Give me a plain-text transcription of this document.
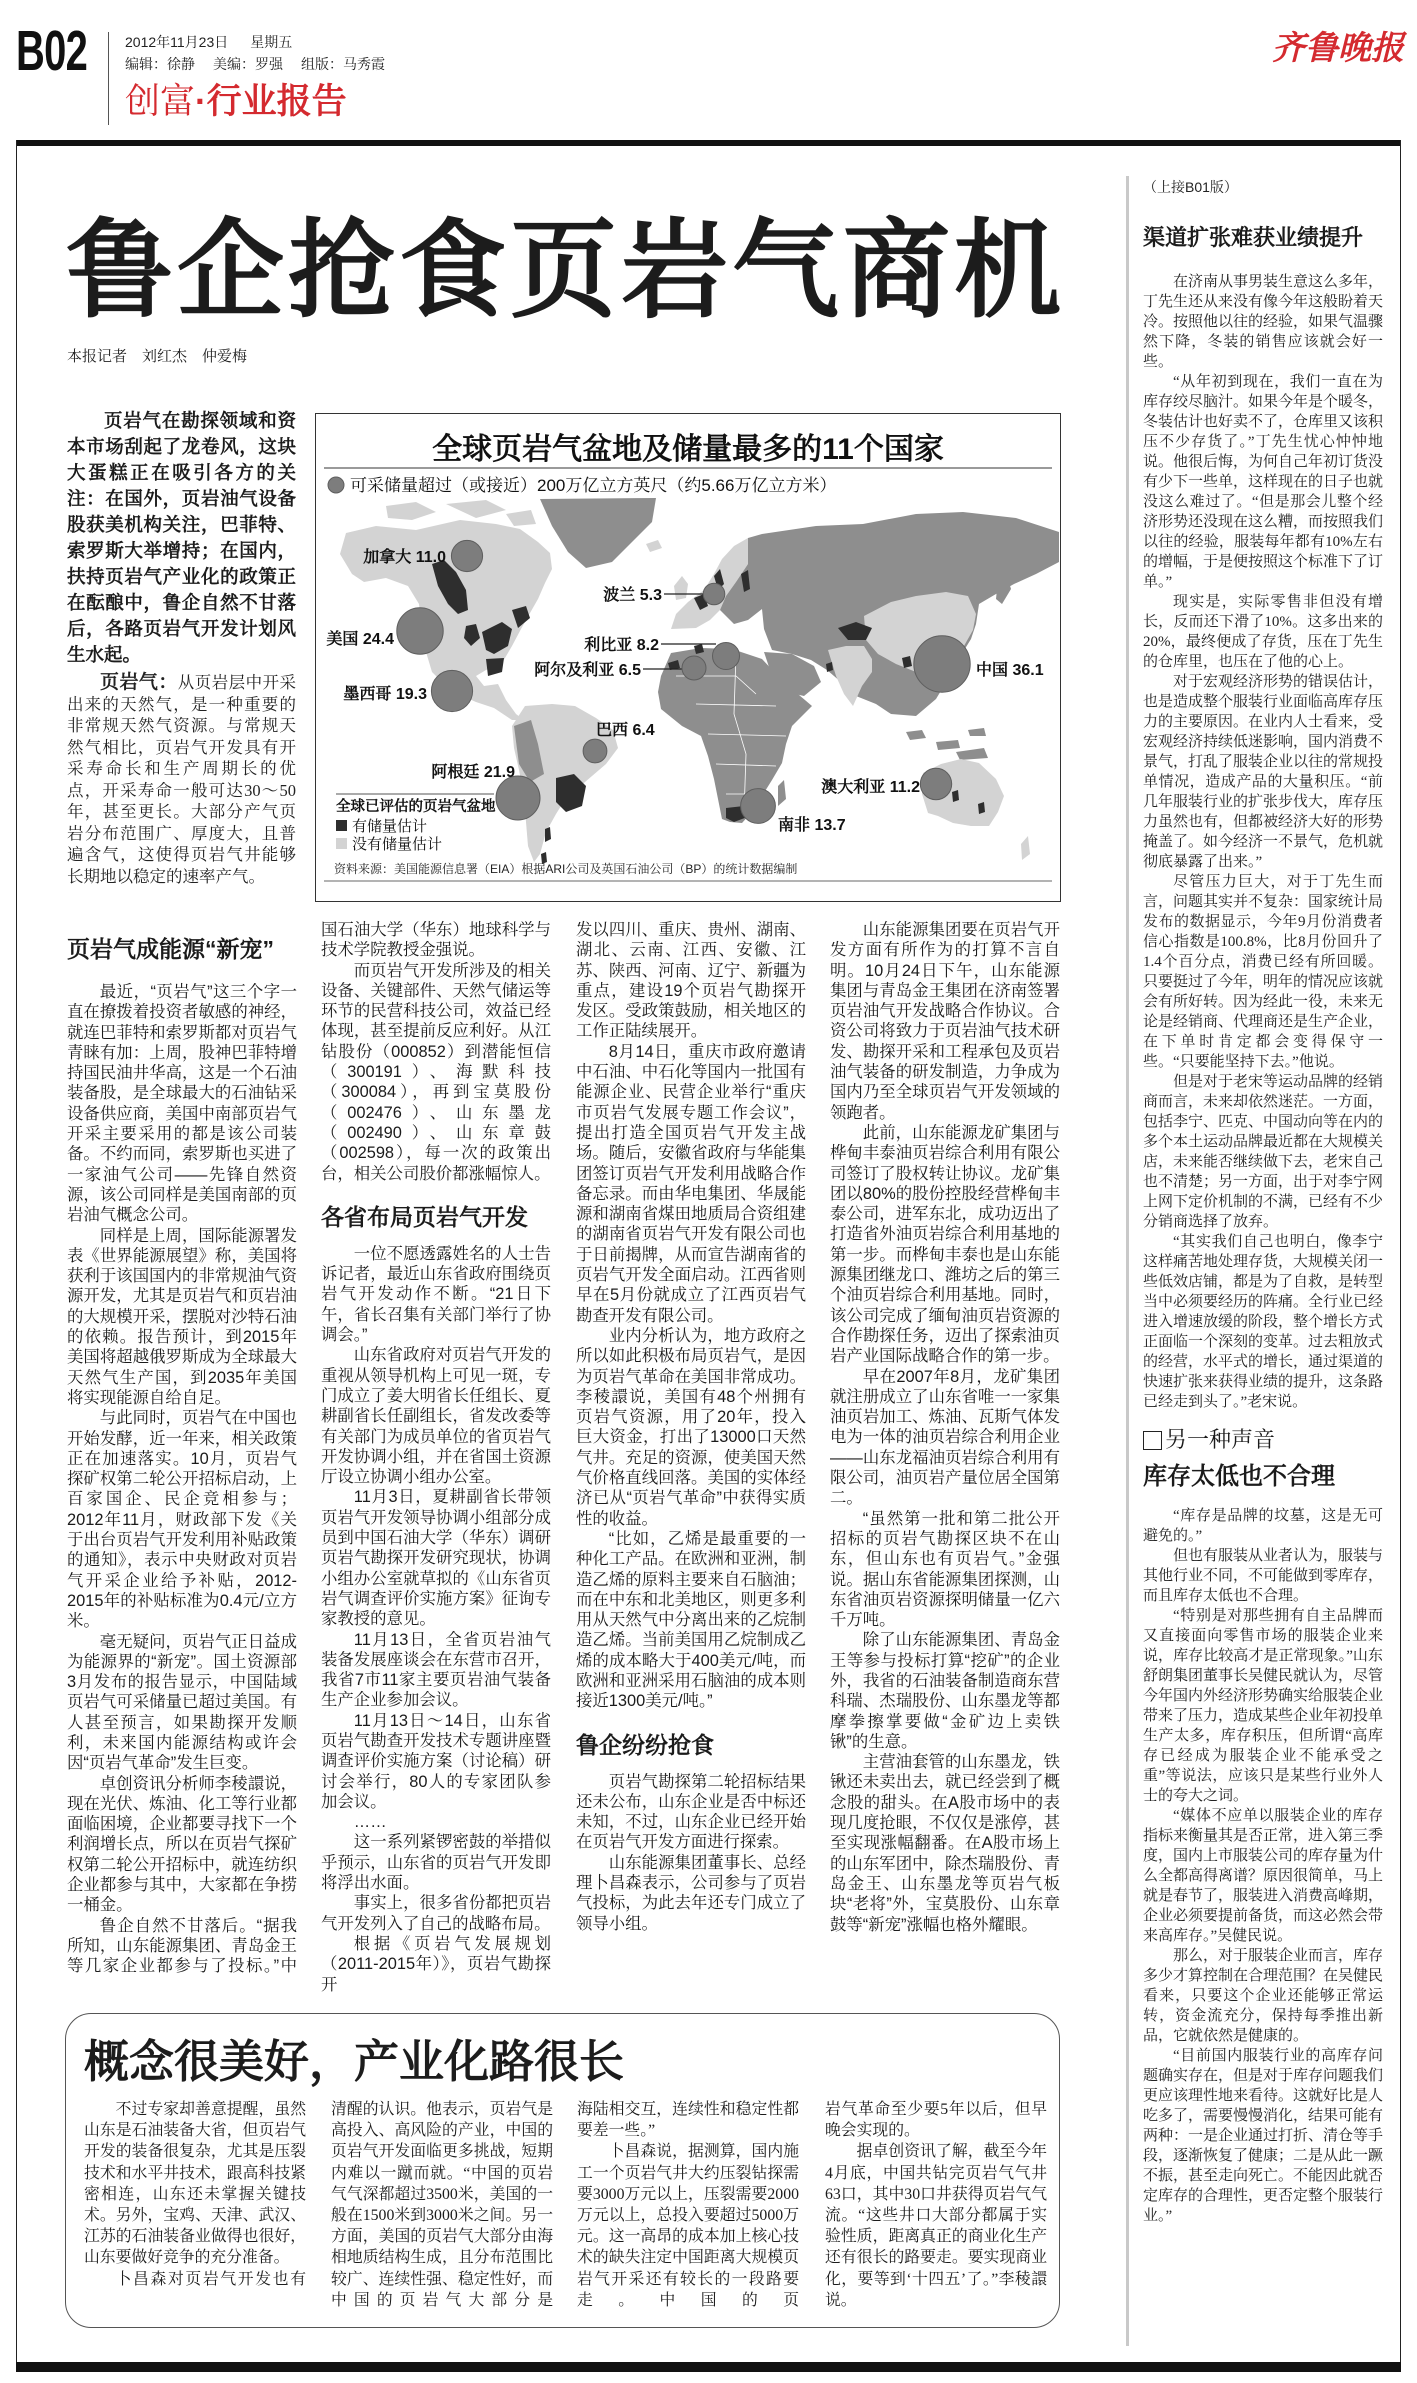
B02	2012年11月23日 星期五
编辑：徐静 美编：罗强 组版：马秀霞
创富·行业报告
齐鲁晚报
鲁企抢食页岩气商机
本报记者　刘红杰　仲爱梅

页岩气在勘探领域和资本市场刮起了龙卷风，这块大蛋糕正在吸引各方的关注：在国外，页岩油气设备股获美机构关注，巴菲特、索罗斯大举增持；在国内，扶持页岩气产业化的政策正在酝酿中，鲁企自然不甘落后，各路页岩气开发计划风生水起。

页岩气：从页岩层中开采出来的天然气，是一种重要的非常规天然气资源。与常规天然气相比，页岩气开发具有开采寿命长和生产周期长的优点，开采寿命一般可达30～50年，甚至更长。大部分产气页岩分布范围广、厚度大，且普遍含气，这使得页岩气井能够长期地以稳定的速率产气。

全球页岩气盆地及储量最多的11个国家
可采储量超过（或接近）200万亿立方英尺（约5.66万亿立方米）
加拿大 11.0
美国 24.4
墨西哥 19.3
巴西 6.4
阿根廷 21.9
波兰 5.3
利比亚 8.2
阿尔及利亚 6.5
南非 13.7
中国 36.1
澳大利亚 11.2
全球已评估的页岩气盆地
有储量估计
没有储量估计
资料来源：美国能源信息署（EIA）根据ARI公司及英国石油公司（BP）的统计数据编制
页岩气成能源“新宠”

最近，“页岩气”这三个字一直在撩拨着投资者敏感的神经，就连巴菲特和索罗斯都对页岩气青睐有加：上周，股神巴菲特增持国民油井华高，这是一个石油装备股，是全球最大的石油钻采设备供应商，美国中南部页岩气开采主要采用的都是该公司装备。不约而同，索罗斯也买进了一家油气公司——先锋自然资源，该公司同样是美国南部的页岩油气概念公司。

同样是上周，国际能源署发表《世界能源展望》称，美国将获利于该国国内的非常规油气资源开发，尤其是页岩气和页岩油的大规模开采，摆脱对沙特石油的依赖。报告预计，到2015年美国将超越俄罗斯成为全球最大天然气生产国，到2035年美国将实现能源自给自足。

与此同时，页岩气在中国也开始发酵，近一年来，相关政策正在加速落实。10月，页岩气探矿权第二轮公开招标启动，上百家国企、民企竞相参与；2012年11月，财政部下发《关于出台页岩气开发利用补贴政策的通知》，表示中央财政对页岩气开采企业给予补贴，2012-2015年的补贴标准为0.4元/立方米。

毫无疑问，页岩气正日益成为能源界的“新宠”。国土资源部3月发布的报告显示，中国陆域页岩气可采储量已超过美国。有人甚至预言，如果勘探开发顺利，未来国内能源结构或许会因“页岩气革命”发生巨变。

卓创资讯分析师李稜譞说，现在光伏、炼油、化工等行业都面临困境，企业都要寻找下一个利润增长点，所以在页岩气探矿权第二轮公开招标中，就连纺织企业都参与其中，大家都在争捞一桶金。

鲁企自然不甘落后。“据我所知，山东能源集团、青岛金王等几家企业都参与了投标。”中

国石油大学（华东）地球科学与技术学院教授金强说。

而页岩气开发所涉及的相关设备、关键部件、天然气储运等环节的民营科技公司，效益已经体现，甚至提前反应利好。从江钻股份（000852）到潜能恒信（300191）、海默科技（300084），再到宝莫股份（002476）、山东墨龙（002490）、山东章鼓（002598），每一次的政策出台，相关公司股价都涨幅惊人。

各省布局页岩气开发

一位不愿透露姓名的人士告诉记者，最近山东省政府围绕页岩气开发动作不断。“21日下午，省长召集有关部门举行了协调会。”

山东省政府对页岩气开发的重视从领导机构上可见一斑，专门成立了姜大明省长任组长、夏耕副省长任副组长，省发改委等有关部门为成员单位的省页岩气开发协调小组，并在省国土资源厅设立协调小组办公室。

11月3日，夏耕副省长带领页岩气开发领导协调小组部分成员到中国石油大学（华东）调研页岩气勘探开发研究现状，协调小组办公室就草拟的《山东省页岩气调查评价实施方案》征询专家教授的意见。

11月13日，全省页岩油气装备发展座谈会在东营市召开，我省7市11家主要页岩油气装备生产企业参加会议。

11月13日～14日，山东省页岩气勘查开发技术专题讲座暨调查评价实施方案（讨论稿）研讨会举行，80人的专家团队参加会议。

……

这一系列紧锣密鼓的举措似乎预示，山东省的页岩气开发即将浮出水面。

事实上，很多省份都把页岩气开发列入了自己的战略布局。

根据《页岩气发展规划（2011-2015年）》，页岩气勘探开

发以四川、重庆、贵州、湖南、湖北、云南、江西、安徽、江苏、陕西、河南、辽宁、新疆为重点，建设19个页岩气勘探开发区。受政策鼓励，相关地区的工作正陆续展开。

8月14日，重庆市政府邀请中石油、中石化等国内一批国有能源企业、民营企业举行“重庆市页岩气发展专题工作会议”，提出打造全国页岩气开发主战场。随后，安徽省政府与华能集团签订页岩气开发利用战略合作备忘录。而由华电集团、华晟能源和湖南省煤田地质局合资组建的湖南省页岩气开发有限公司也于日前揭牌，从而宣告湖南省的页岩气开发全面启动。江西省则早在5月份就成立了江西页岩气勘查开发有限公司。

业内分析认为，地方政府之所以如此积极布局页岩气，是因为页岩气革命在美国非常成功。李稜譞说，美国有48个州拥有页岩气资源，用了20年，投入巨大资金，打出了13000口天然气井。充足的资源，使美国天然气价格直线回落。美国的实体经济已从“页岩气革命”中获得实质性的收益。

“比如，乙烯是最重要的一种化工产品。在欧洲和亚洲，制造乙烯的原料主要来自石脑油；而在中东和北美地区，则更多利用从天然气中分离出来的乙烷制造乙烯。当前美国用乙烷制成乙烯的成本略大于400美元/吨，而欧洲和亚洲采用石脑油的成本则接近1300美元/吨。”

鲁企纷纷抢食

页岩气勘探第二轮招标结果还未公布，山东企业是否中标还未知，不过，山东企业已经开始在页岩气开发方面进行探索。

山东能源集团董事长、总经理卜昌森表示，公司参与了页岩气投标，为此去年还专门成立了领导小组。

山东能源集团要在页岩气开发方面有所作为的打算不言自明。10月24日下午，山东能源集团与青岛金王集团在济南签署页岩油气开发战略合作协议。合资公司将致力于页岩油气技术研发、勘探开采和工程承包及页岩油气装备的研发制造，力争成为国内乃至全球页岩气开发领域的领跑者。

此前，山东能源龙矿集团与桦甸丰泰油页岩综合利用有限公司签订了股权转让协议。龙矿集团以80%的股份控股经营桦甸丰泰公司，进军东北，成功迈出了打造省外油页岩综合利用基地的第一步。而桦甸丰泰也是山东能源集团继龙口、潍坊之后的第三个油页岩综合利用基地。同时，该公司完成了缅甸油页岩资源的合作勘探任务，迈出了探索油页岩产业国际战略合作的第一步。

早在2007年8月，龙矿集团就注册成立了山东省唯一一家集油页岩加工、炼油、瓦斯气体发电为一体的油页岩综合利用企业——山东龙福油页岩综合利用有限公司，油页岩产量位居全国第二。

“虽然第一批和第二批公开招标的页岩气勘探区块不在山东，但山东也有页岩气。”金强说。据山东省能源集团探测，山东省油页岩资源探明储量一亿六千万吨。

除了山东能源集团、青岛金王等参与投标打算“挖矿”的企业外，我省的石油装备制造商东营科瑞、杰瑞股份、山东墨龙等都摩拳擦掌要做“金矿边上卖铁锹”的生意。

主营油套管的山东墨龙，铁锹还未卖出去，就已经尝到了概念股的甜头。在A股市场中的表现几度抢眼，不仅仅是涨停，甚至实现涨幅翻番。在A股市场上的山东军团中，除杰瑞股份、青岛金王、山东墨龙等页岩气板块“老将”外，宝莫股份、山东章鼓等“新宠”涨幅也格外耀眼。

概念很美好，产业化路很长

不过专家却善意提醒，虽然山东是石油装备大省，但页岩气开发的装备很复杂，尤其是压裂技术和水平井技术，跟高科技紧密相连，山东还未掌握关键技术。另外，宝鸡、天津、武汉、江苏的石油装备业做得也很好，山东要做好竞争的充分准备。

卜昌森对页岩气开发也有

清醒的认识。他表示，页岩气是高投入、高风险的产业，中国的页岩气开发面临更多挑战，短期内难以一蹴而就。“中国的页岩气气深都超过3500米，美国的一般在1500米到3000米之间。另一方面，美国的页岩气大部分由海相地质结构生成，且分布范围比较广、连续性强、稳定性好，而中国的页岩气大部分是

海陆相交互，连续性和稳定性都要差一些。”

卜昌森说，据测算，国内施工一个页岩气井大约压裂钻探需要3000万元以上，压裂需要2000万元以上，总投入要超过5000万元。这一高昂的成本加上核心技术的缺失注定中国距离大规模页岩气开采还有较长的一段路要走。中国的页

岩气革命至少要5年以后，但早晚会实现的。

据卓创资讯了解，截至今年4月底，中国共钻完页岩气气井63口，其中30口井获得页岩气气流。“这些井口大部分都属于实验性质，距离真正的商业化生产还有很长的路要走。要实现商业化，要等到‘十四五’了。”李稜譞说。

（上接B01版）
渠道扩张难获业绩提升

在济南从事男装生意这么多年，丁先生还从来没有像今年这般盼着天冷。按照他以往的经验，如果气温骤然下降，冬装的销售应该就会好一些。

“从年初到现在，我们一直在为库存绞尽脑汁。如果今年是个暖冬，冬装估计也好卖不了，仓库里又该积压不少存货了。”丁先生忧心忡忡地说。他很后悔，为何自己年初订货没有少下一些单，这样现在的日子也就没这么难过了。“但是那会儿整个经济形势还没现在这么糟，而按照我们以往的经验，服装每年都有10%左右的增幅，于是便按照这个标准下了订单。”

现实是，实际零售非但没有增长，反而还下滑了10%。这多出来的20%，最终便成了存货，压在丁先生的仓库里，也压在了他的心上。

对于宏观经济形势的错误估计，也是造成整个服装行业面临高库存压力的主要原因。在业内人士看来，受宏观经济持续低迷影响，国内消费不景气，打乱了服装企业以往的常规投单情况，造成产品的大量积压。“前几年服装行业的扩张步伐大，库存压力虽然也有，但都被经济大好的形势掩盖了。如今经济一不景气，危机就彻底暴露了出来。”

尽管压力巨大，对于丁先生而言，问题其实并不复杂：国家统计局发布的数据显示，今年9月份消费者信心指数是100.8%，比8月份回升了1.4个百分点，消费已经有所回暖。只要挺过了今年，明年的情况应该就会有所好转。因为经此一役，未来无论是经销商、代理商还是生产企业，在下单时肯定都会变得保守一些。“只要能坚持下去。”他说。

但是对于老宋等运动品牌的经销商而言，未来却依然迷茫。一方面，包括李宁、匹克、中国动向等在内的多个本土运动品牌最近都在大规模关店，未来能否继续做下去，老宋自己也不清楚；另一方面，出于对李宁网上网下定价机制的不满，已经有不少分销商选择了放弃。

“其实我们自己也明白，像李宁这样痛苦地处理存货，大规模关闭一些低效店铺，都是为了自救，是转型当中必须要经历的阵痛。全行业已经进入增速放缓的阶段，整个增长方式正面临一个深刻的变革。过去粗放式的经营，水平式的增长，通过渠道的快速扩张来获得业绩的提升，这条路已经走到头了。”老宋说。

另一种声音
库存太低也不合理

“库存是品牌的坟墓，这是无可避免的。”

但也有服装从业者认为，服装与其他行业不同，不可能做到零库存，而且库存太低也不合理。

“特别是对那些拥有自主品牌而又直接面向零售市场的服装企业来说，库存比较高才是正常现象。”山东舒朗集团董事长吴健民就认为，尽管今年国内外经济形势确实给服装企业带来了压力，造成某些企业年初投单生产太多，库存积压，但所谓“高库存已经成为服装企业不能承受之重”等说法，应该只是某些行业外人士的夸大之词。

“媒体不应单以服装企业的库存指标来衡量其是否正常，进入第三季度，国内上市服装公司的库存量为什么全都高得离谱？原因很简单，马上就是春节了，服装进入消费高峰期，企业必须要提前备货，而这必然会带来高库存。”吴健民说。

那么，对于服装企业而言，库存多少才算控制在合理范围？在吴健民看来，只要这个企业还能够正常运转，资金流充分，保持每季推出新品，它就依然是健康的。

“目前国内服装行业的高库存问题确实存在，但是对于库存问题我们更应该理性地来看待。这就好比是人吃多了，需要慢慢消化，结果可能有两种：一是企业通过打折、清仓等手段，逐渐恢复了健康；二是从此一蹶不振，甚至走向死亡。不能因此就否定库存的合理性，更否定整个服装行业。”
